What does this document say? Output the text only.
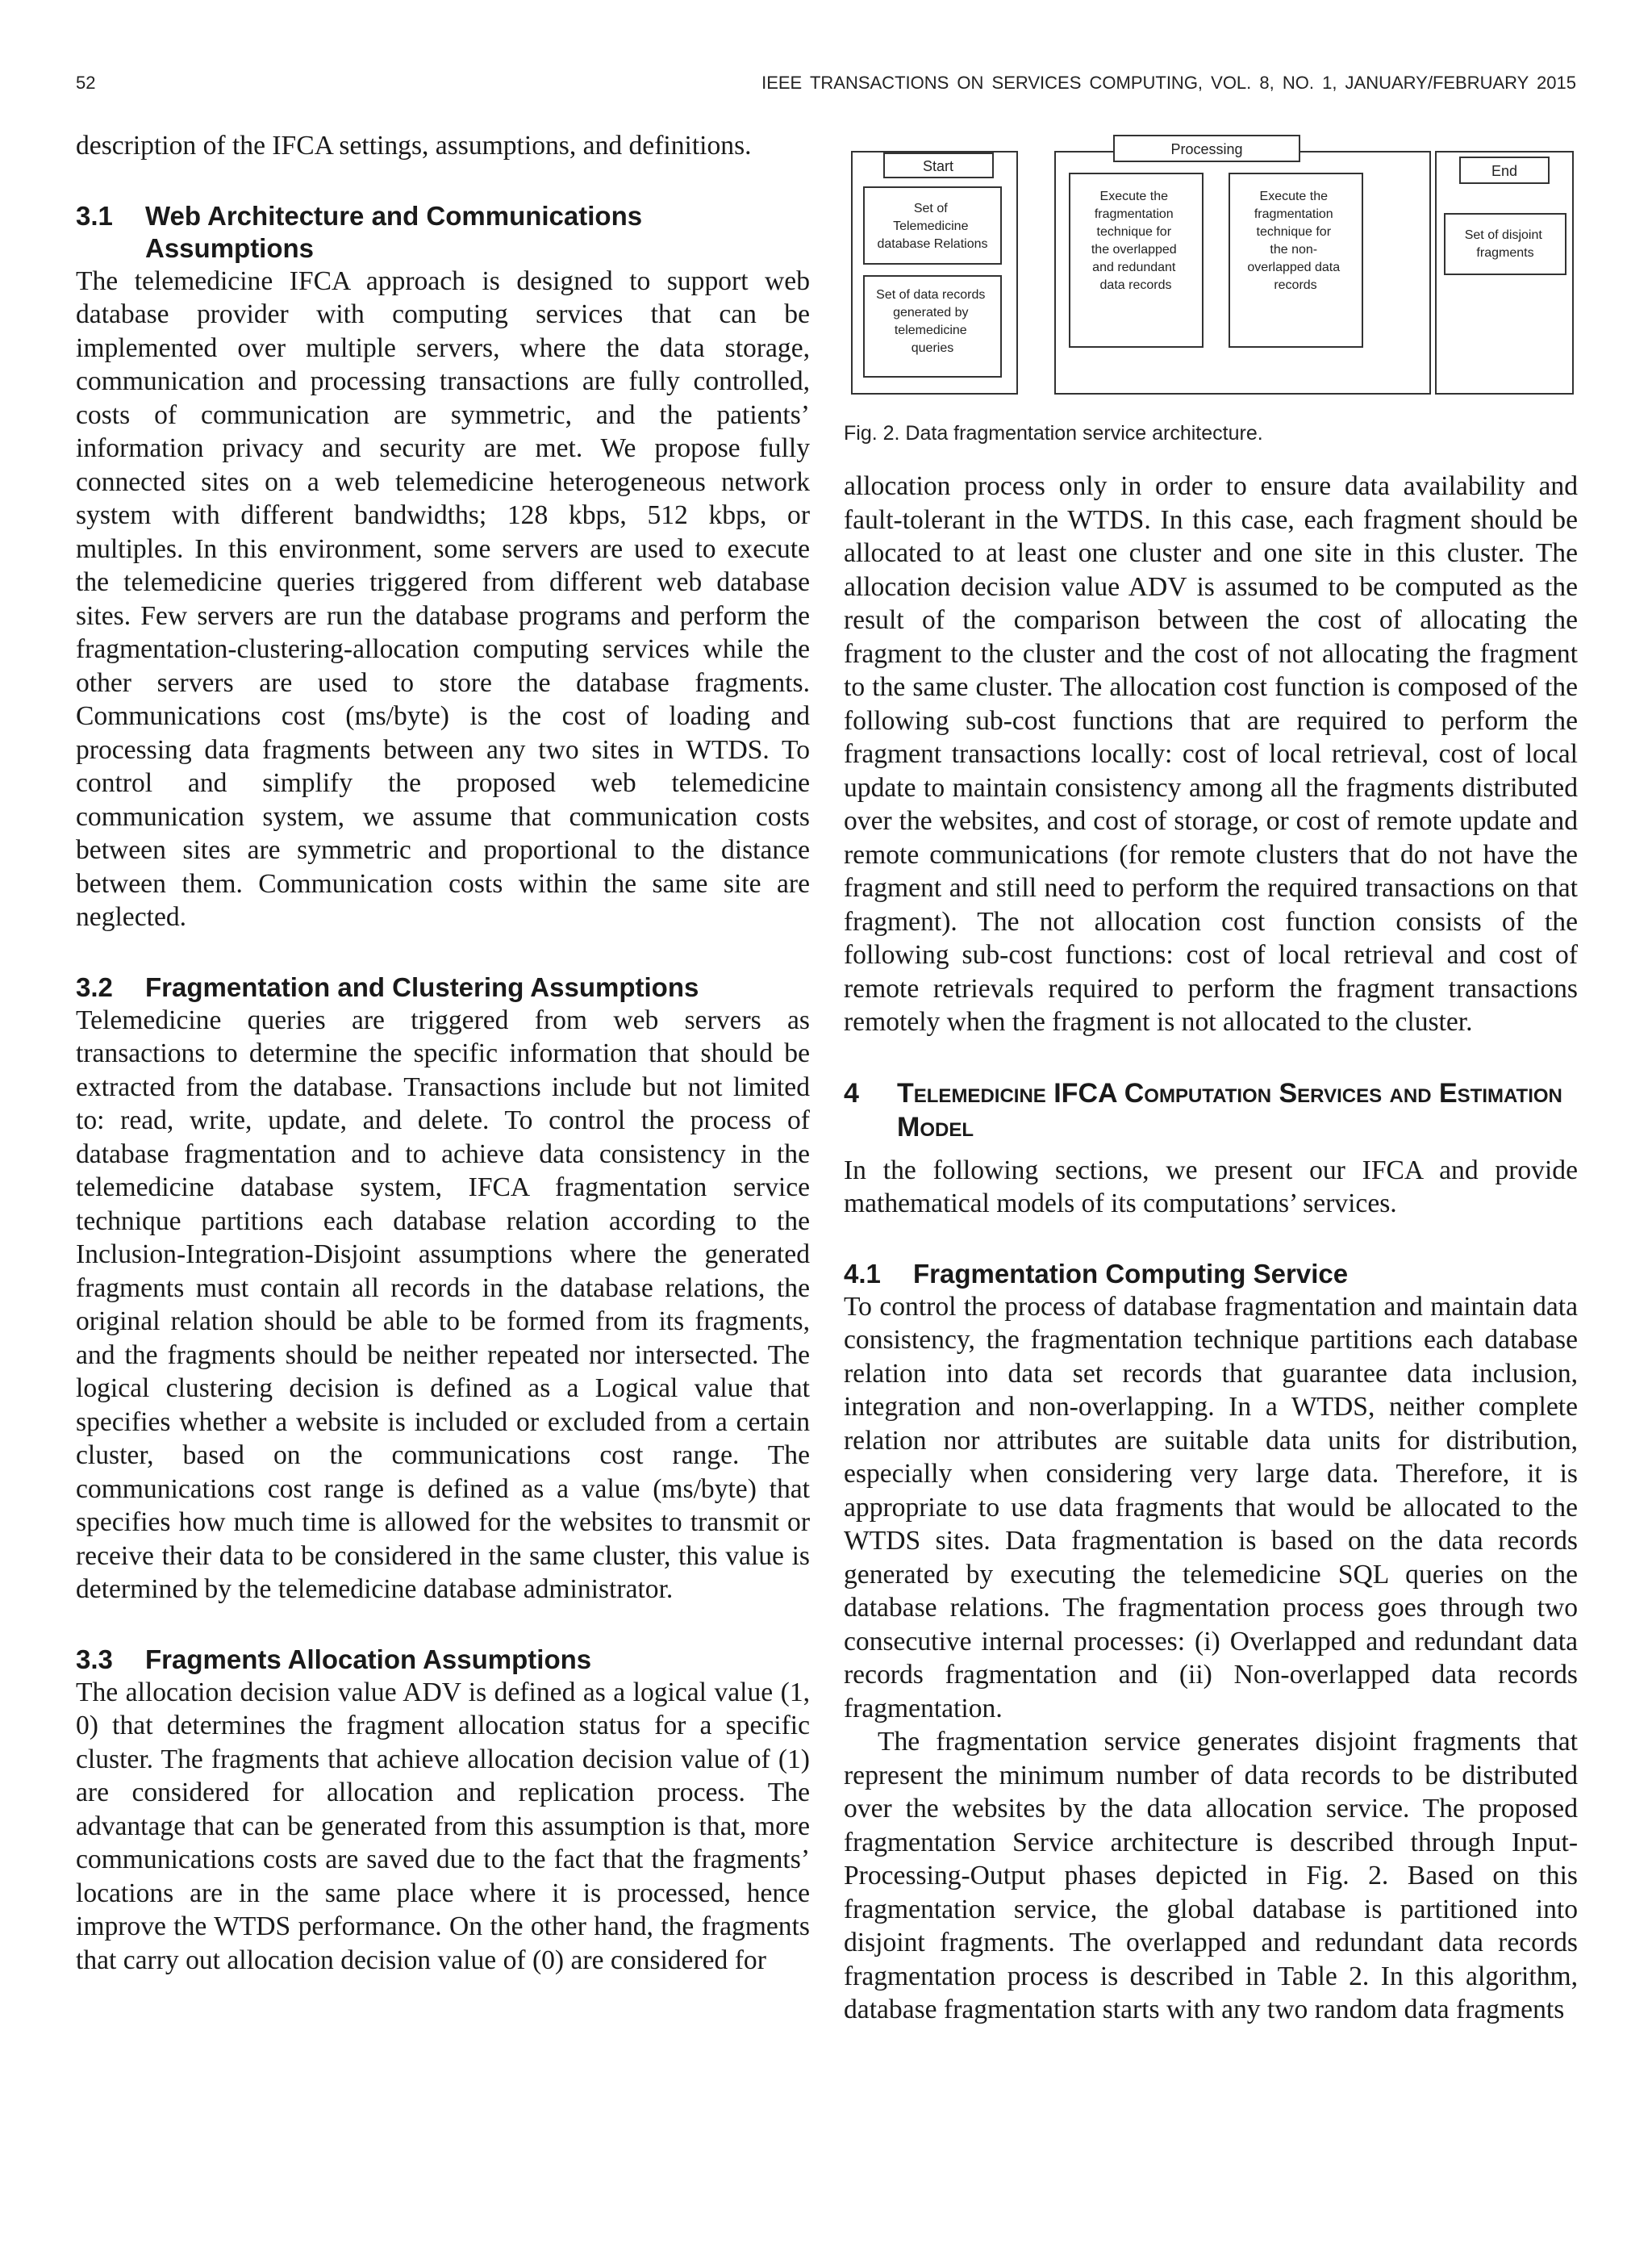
52	IEEE TRANSACTIONS ON SERVICES COMPUTING, VOL. 8, NO. 1, JANUARY/FEBRUARY 2015

description of the IFCA settings, assumptions, and definitions.

3.1	Web Architecture and Communications Assumptions

The telemedicine IFCA approach is designed to support web database provider with computing services that can be implemented over multiple servers, where the data storage, communication and processing transactions are fully controlled, costs of communication are symmetric, and the patients’ information privacy and security are met. We propose fully connected sites on a web telemedicine heterogeneous network system with different bandwidths; 128 kbps, 512 kbps, or multiples. In this environment, some servers are used to execute the telemedicine queries triggered from different web database sites. Few servers are run the database programs and perform the fragmentation-clustering-allocation computing services while the other servers are used to store the database fragments. Communications cost (ms/byte) is the cost of loading and processing data fragments between any two sites in WTDS. To control and simplify the proposed web telemedicine communication system, we assume that communication costs between sites are symmetric and proportional to the distance between them. Communication costs within the same site are neglected.

3.2	Fragmentation and Clustering Assumptions

Telemedicine queries are triggered from web servers as transactions to determine the specific information that should be extracted from the database. Transactions include but not limited to: read, write, update, and delete. To control the process of database fragmentation and to achieve data consistency in the telemedicine database system, IFCA fragmentation service technique partitions each database relation according to the Inclusion-Integration-Disjoint assumptions where the generated fragments must contain all records in the database relations, the original relation should be able to be formed from its fragments, and the fragments should be neither repeated nor intersected. The logical clustering decision is defined as a Logical value that specifies whether a website is included or excluded from a certain cluster, based on the communications cost range. The communications cost range is defined as a value (ms/byte) that specifies how much time is allowed for the websites to transmit or receive their data to be considered in the same cluster, this value is determined by the telemedicine database administrator.

3.3	Fragments Allocation Assumptions

The allocation decision value ADV is defined as a logical value (1, 0) that determines the fragment allocation status for a specific cluster. The fragments that achieve allocation decision value of (1) are considered for allocation and replication process. The advantage that can be generated from this assumption is that, more communications costs are saved due to the fact that the fragments’ locations are in the same place where it is processed, hence improve the WTDS performance. On the other hand, the fragments that carry out allocation decision value of (0) are considered for

Start
Set of Telemedicine database Relations
Set of data records generated by telemedicine queries
Processing
Execute the fragmentation technique for the overlapped and redundant data records
Execute the fragmentation technique for the non- overlapped data records
End
Set of disjoint fragments
Fig. 2. Data fragmentation service architecture.

allocation process only in order to ensure data availability and fault-tolerant in the WTDS. In this case, each fragment should be allocated to at least one cluster and one site in this cluster. The allocation decision value ADV is assumed to be computed as the result of the comparison between the cost of allocating the fragment to the cluster and the cost of not allocating the fragment to the same cluster. The allocation cost function is composed of the following sub-cost functions that are required to perform the fragment transactions locally: cost of local retrieval, cost of local update to maintain consistency among all the fragments distributed over the websites, and cost of storage, or cost of remote update and remote communications (for remote clusters that do not have the fragment and still need to perform the required transactions on that fragment). The not allocation cost function consists of the following sub-cost functions: cost of local retrieval and cost of remote retrievals required to perform the fragment transactions remotely when the fragment is not allocated to the cluster.

4	Telemedicine IFCA Computation Services and Estimation Model

In the following sections, we present our IFCA and provide mathematical models of its computations’ services.

4.1	Fragmentation Computing Service

To control the process of database fragmentation and maintain data consistency, the fragmentation technique partitions each database relation into data set records that guarantee data inclusion, integration and non-overlapping. In a WTDS, neither complete relation nor attributes are suitable data units for distribution, especially when considering very large data. Therefore, it is appropriate to use data fragments that would be allocated to the WTDS sites. Data fragmentation is based on the data records generated by executing the telemedicine SQL queries on the database relations. The fragmentation process goes through two consecutive internal processes: (i) Overlapped and redundant data records fragmentation and (ii) Non-overlapped data records fragmentation.

The fragmentation service generates disjoint fragments that represent the minimum number of data records to be distributed over the websites by the data allocation service. The proposed fragmentation Service architecture is described through Input-Processing-Output phases depicted in Fig. 2. Based on this fragmentation service, the global database is partitioned into disjoint fragments. The overlapped and redundant data records fragmentation process is described in Table 2. In this algorithm, database fragmentation starts with any two random data fragments
